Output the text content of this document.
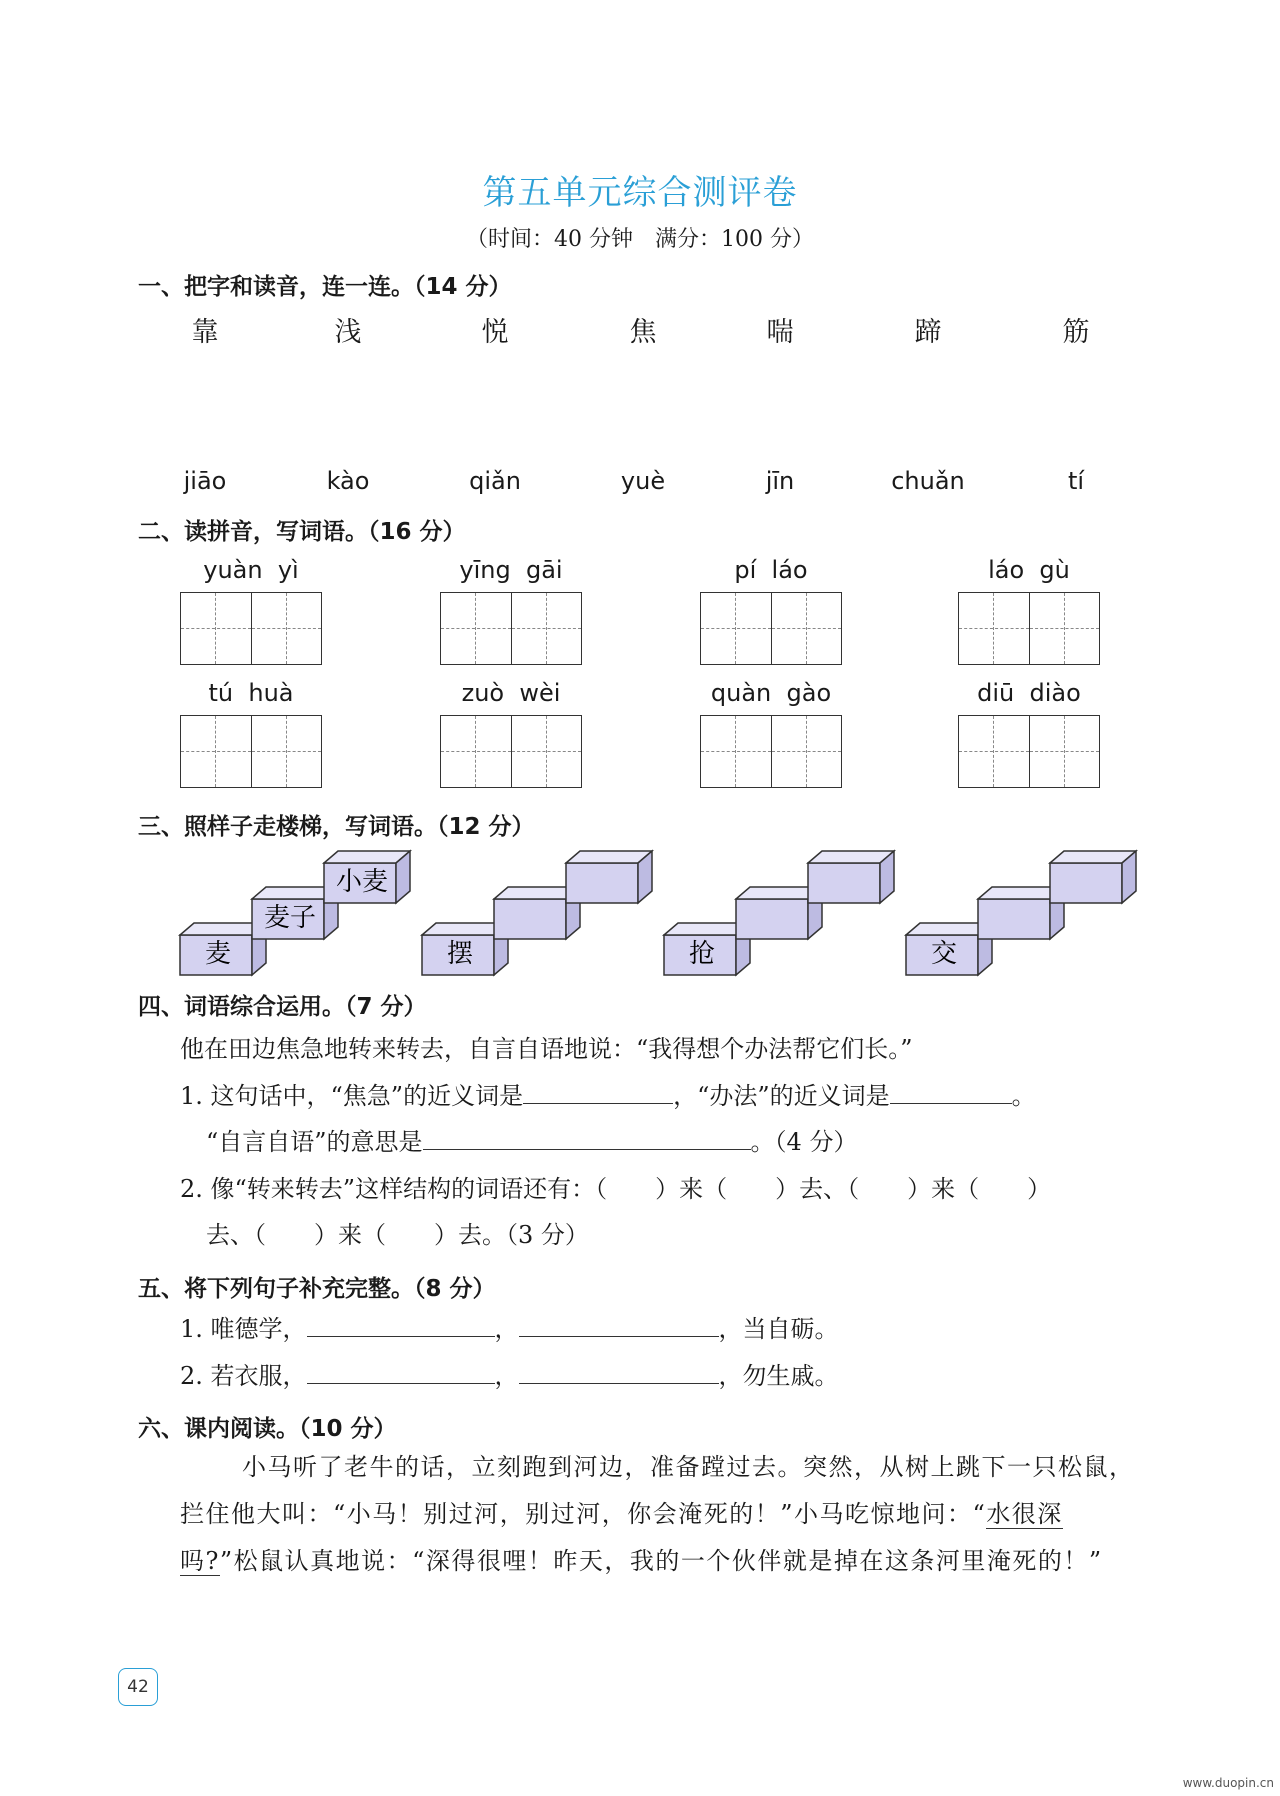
第五单元综合测评卷
（时间：40 分钟　满分：100 分）
一、把字和读音，连一连。（14 分）
靠	浅	悦	焦	喘	蹄	筋
jiāo	kào	qiǎn	yuè	jīn	chuǎn	tí
二、读拼音，写词语。（16 分）
yuàn  yì	yīng  gāi	pí  láo	láo  gù
tú  huà	zuò  wèi	quàn  gào	diū  diào
三、照样子走楼梯，写词语。（12 分）
麦
麦子
小麦
摆	抢	交
四、词语综合运用。（7 分）
他在田边焦急地转来转去，自言自语地说：“我得想个办法帮它们长。”
1. 这句话中，“焦急”的近义词是	，“办法”的近义词是	。
“自言自语”的意思是	。（4 分）
2. 像“转来转去”这样结构的词语还有：（　　）来（　　）去、（　　）来（　　）
去、（　　）来（　　）去。（3 分）
五、将下列句子补充完整。（8 分）
1. 唯德学，	，	，当自砺。
2. 若衣服，	，	，勿生戚。
六、课内阅读。（10 分）
小马听了老牛的话，立刻跑到河边，准备蹚过去。突然，从树上跳下一只松鼠，拦住他大叫：“小马！别过河，别过河，你会淹死的！”小马吃惊地问：“水很深吗?”松鼠认真地说：“深得很哩！昨天，我的一个伙伴就是掉在这条河里淹死的！”
42
www.duopin.cn
